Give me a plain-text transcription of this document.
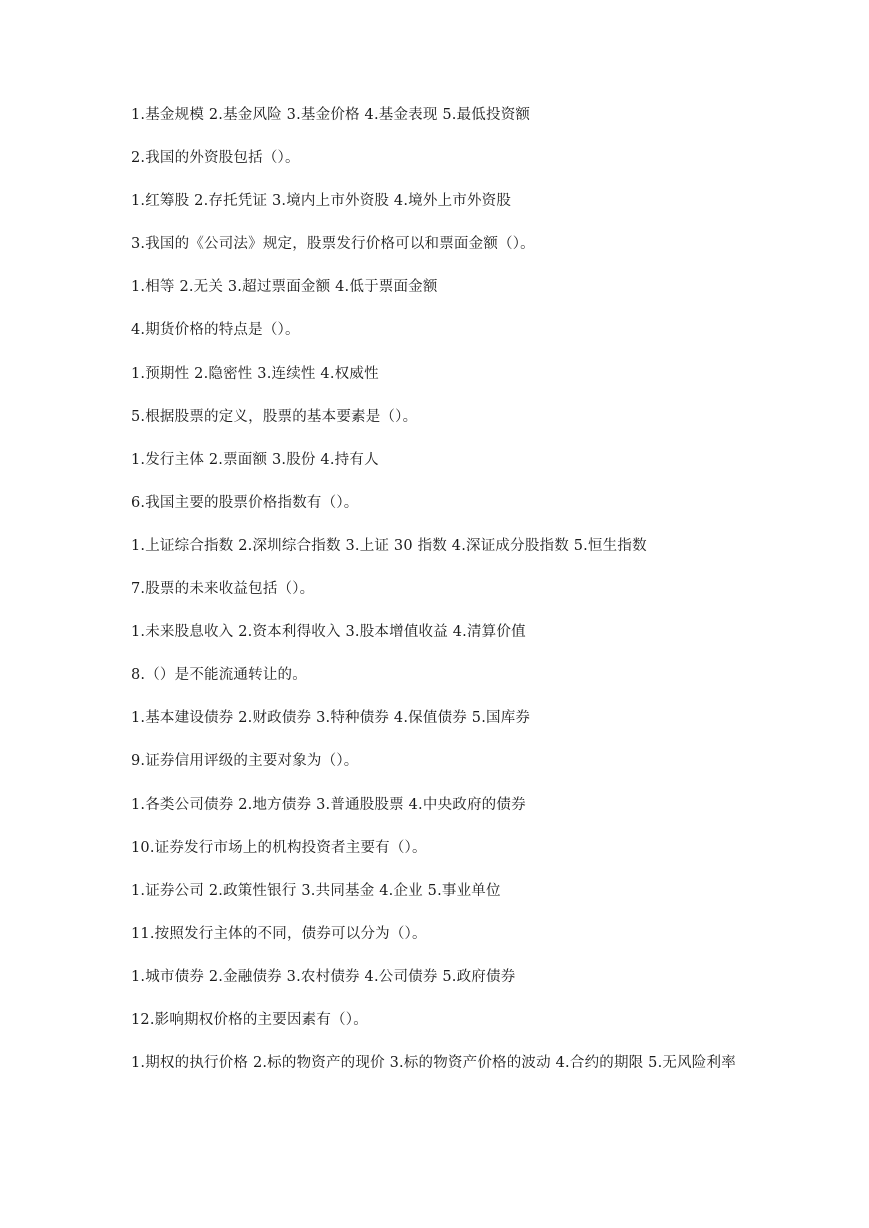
1.基金规模 2.基金风险 3.基金价格 4.基金表现 5.最低投资额
2.我国的外资股包括（）。
1.红筹股 2.存托凭证 3.境内上市外资股 4.境外上市外资股
3.我国的《公司法》规定，股票发行价格可以和票面金额（）。
1.相等 2.无关 3.超过票面金额 4.低于票面金额
4.期货价格的特点是（）。
1.预期性 2.隐密性 3.连续性 4.权威性
5.根据股票的定义，股票的基本要素是（）。
1.发行主体 2.票面额 3.股份 4.持有人
6.我国主要的股票价格指数有（）。
1.上证综合指数 2.深圳综合指数 3.上证 30 指数 4.深证成分股指数 5.恒生指数
7.股票的未来收益包括（）。
1.未来股息收入 2.资本利得收入 3.股本增值收益 4.清算价值
8.（）是不能流通转让的。
1.基本建设债券 2.财政债券 3.特种债券 4.保值债券 5.国库券
9.证券信用评级的主要对象为（）。
1.各类公司债券 2.地方债券 3.普通股股票 4.中央政府的债券
10.证券发行市场上的机构投资者主要有（）。
1.证券公司 2.政策性银行 3.共同基金 4.企业 5.事业单位
11.按照发行主体的不同，债券可以分为（）。
1.城市债券 2.金融债券 3.农村债券 4.公司债券 5.政府债券
12.影响期权价格的主要因素有（）。
1.期权的执行价格 2.标的物资产的现价 3.标的物资产价格的波动 4.合约的期限 5.无风险利率
